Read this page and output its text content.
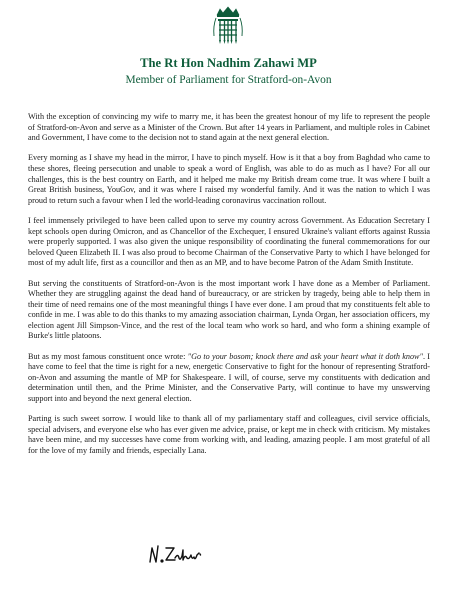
The Rt Hon Nadhim Zahawi MP
Member of Parliament for Stratford-on-Avon

With the exception of convincing my wife to marry me, it has been the greatest honour of my life to represent the people of Stratford-on-Avon and serve as a Minister of the Crown. But after 14 years in Parliament, and multiple roles in Cabinet and Government, I have come to the decision not to stand again at the next general election.

Every morning as I shave my head in the mirror, I have to pinch myself. How is it that a boy from Baghdad who came to these shores, fleeing persecution and unable to speak a word of English, was able to do as much as I have? For all our challenges, this is the best country on Earth, and it helped me make my British dream come true. It was where I built a Great British business, YouGov, and it was where I raised my wonderful family. And it was the nation to which I was proud to return such a favour when I led the world-leading coronavirus vaccination rollout.

I feel immensely privileged to have been called upon to serve my country across Government. As Education Secretary I kept schools open during Omicron, and as Chancellor of the Exchequer, I ensured Ukraine's valiant efforts against Russia were properly supported. I was also given the unique responsibility of coordinating the funeral commemorations for our beloved Queen Elizabeth II. I was also proud to become Chairman of the Conservative Party to which I have belonged for most of my adult life, first as a councillor and then as an MP, and to have become Patron of the Adam Smith Institute.

But serving the constituents of Stratford-on-Avon is the most important work I have done as a Member of Parliament. Whether they are struggling against the dead hand of bureaucracy, or are stricken by tragedy, being able to help them in their time of need remains one of the most meaningful things I have ever done. I am proud that my constituents felt able to confide in me. I was able to do this thanks to my amazing association chairman, Lynda Organ, her association officers, my election agent Jill Simpson-Vince, and the rest of the local team who work so hard, and who form a shining example of Burke's little platoons.

But as my most famous constituent once wrote: "Go to your bosom; knock there and ask your heart what it doth know". I have come to feel that the time is right for a new, energetic Conservative to fight for the honour of representing Stratford-on-Avon and assuming the mantle of MP for Shakespeare. I will, of course, serve my constituents with dedication and determination until then, and the Prime Minister, and the Conservative Party, will continue to have my unswerving support into and beyond the next general election.

Parting is such sweet sorrow. I would like to thank all of my parliamentary staff and colleagues, civil service officials, special advisers, and everyone else who has ever given me advice, praise, or kept me in check with criticism. My mistakes have been mine, and my successes have come from working with, and leading, amazing people. I am most grateful of all for the love of my family and friends, especially Lana.
